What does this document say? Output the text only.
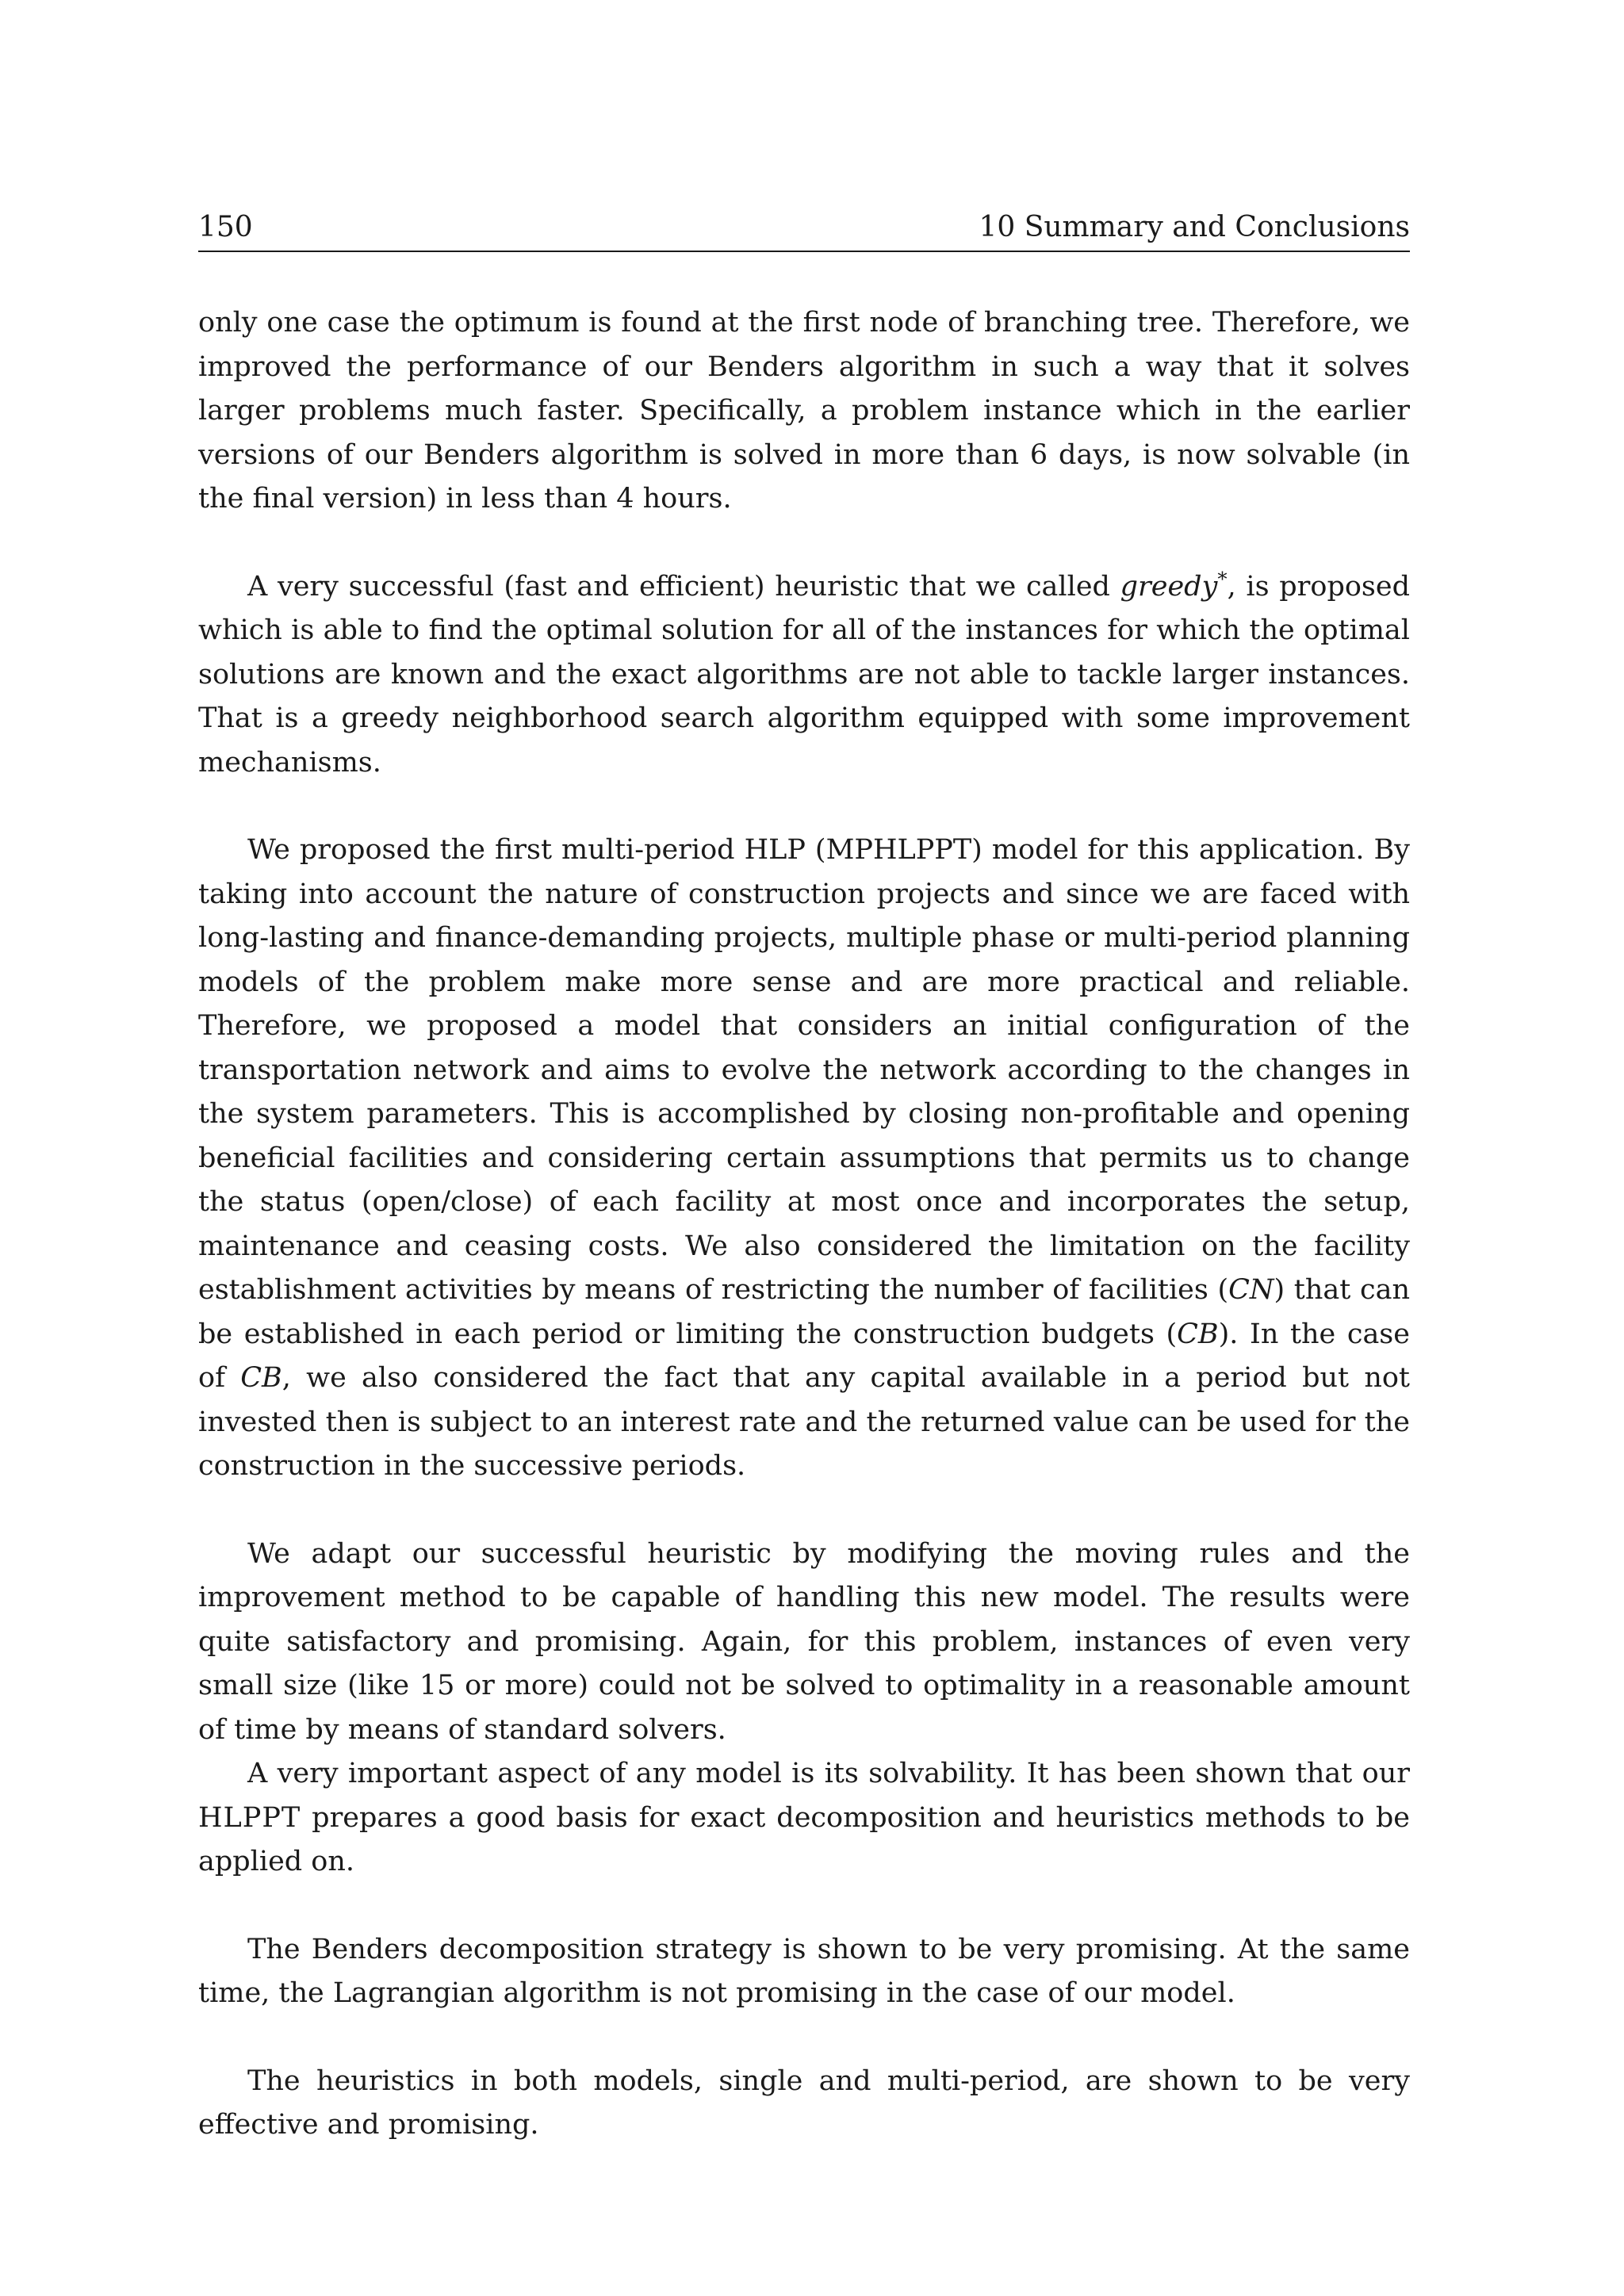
150	10 Summary and Conclusions

only one case the optimum is found at the first node of branching tree. Therefore, we improved the performance of our Benders algorithm in such a way that it solves larger problems much faster. Specifically, a problem instance which in the earlier versions of our Benders algorithm is solved in more than 6 days, is now solvable (in the final version) in less than 4 hours.

A very successful (fast and efficient) heuristic that we called greedy*, is proposed which is able to find the optimal solution for all of the instances for which the optimal solutions are known and the exact algorithms are not able to tackle larger instances. That is a greedy neighborhood search algorithm equipped with some improvement mechanisms.

We proposed the first multi-period HLP (MPHLPPT) model for this application. By taking into account the nature of construction projects and since we are faced with long-lasting and finance-demanding projects, multiple phase or multi-period planning models of the problem make more sense and are more practical and reliable. Therefore, we proposed a model that considers an initial configuration of the transportation network and aims to evolve the network according to the changes in the system parameters. This is accomplished by closing non-profitable and opening beneficial facilities and considering certain assumptions that permits us to change the status (open/close) of each facility at most once and incorporates the setup, maintenance and ceasing costs. We also considered the limitation on the facility establishment activities by means of restricting the number of facilities (CN) that can be established in each period or limiting the construction budgets (CB). In the case of CB, we also considered the fact that any capital available in a period but not invested then is subject to an interest rate and the returned value can be used for the construction in the successive periods.

We adapt our successful heuristic by modifying the moving rules and the improvement method to be capable of handling this new model. The results were quite satisfactory and promising. Again, for this problem, instances of even very small size (like 15 or more) could not be solved to optimality in a reasonable amount of time by means of standard solvers.

A very important aspect of any model is its solvability. It has been shown that our HLPPT prepares a good basis for exact decomposition and heuristics methods to be applied on.

The Benders decomposition strategy is shown to be very promising. At the same time, the Lagrangian algorithm is not promising in the case of our model.

The heuristics in both models, single and multi-period, are shown to be very effective and promising.
